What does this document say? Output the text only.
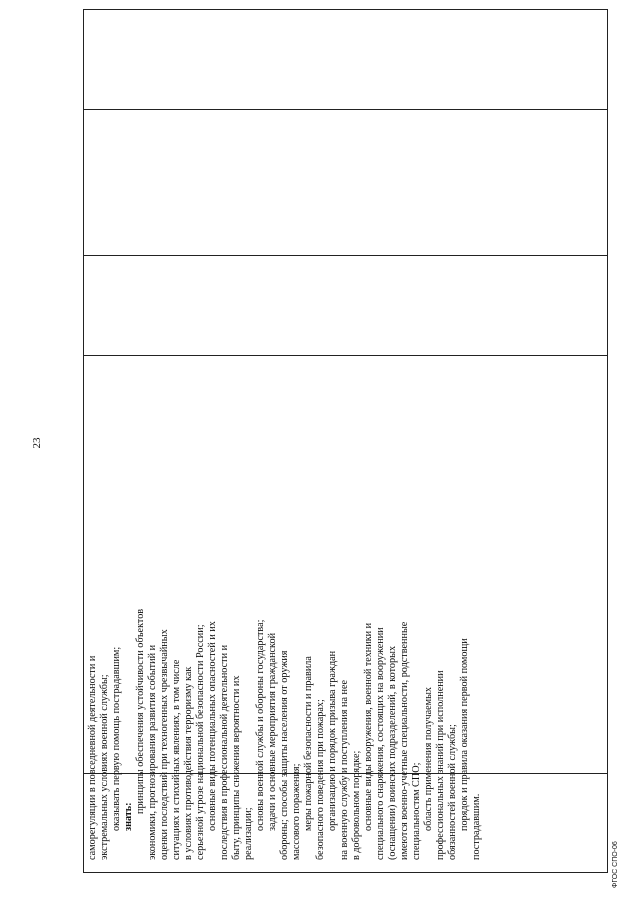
саморегуляции в повседневной деятельности и экстремальных условиях военной службы; оказывать первую помощь пострадавшим; знать:
принципы обеспечения устойчивости объектов экономики, прогнозирования развития событий и оценки последствий при техногенных чрезвычайных ситуациях и стихийных явлениях, в том числе в условиях противодействия терроризму как серьезной угрозе национальной безопасности России; основные виды потенциальных опасностей и их последствия в профессиональной деятельности и быту, принципы снижения вероятности их реализации;
основы военной службы и обороны государства; задачи и основные мероприятия гражданской обороны; способы защиты населения от оружия массового поражения; меры пожарной безопасности и правила безопасного поведения при пожарах; организацию и порядок призыва граждан на военную службу и поступления на нее в добровольном порядке; основные виды вооружения, военной техники и специального снаряжения, состоящих на вооружении (оснащении) воинских подразделений, в которых имеются военно-учетные специальности, родственные специальностям СПО; область применения получаемых профессиональных знаний при исполнении обязанностей военной службы; порядок и правила оказания первой помощи пострадавшим.
23
ФГОС СПО-06
